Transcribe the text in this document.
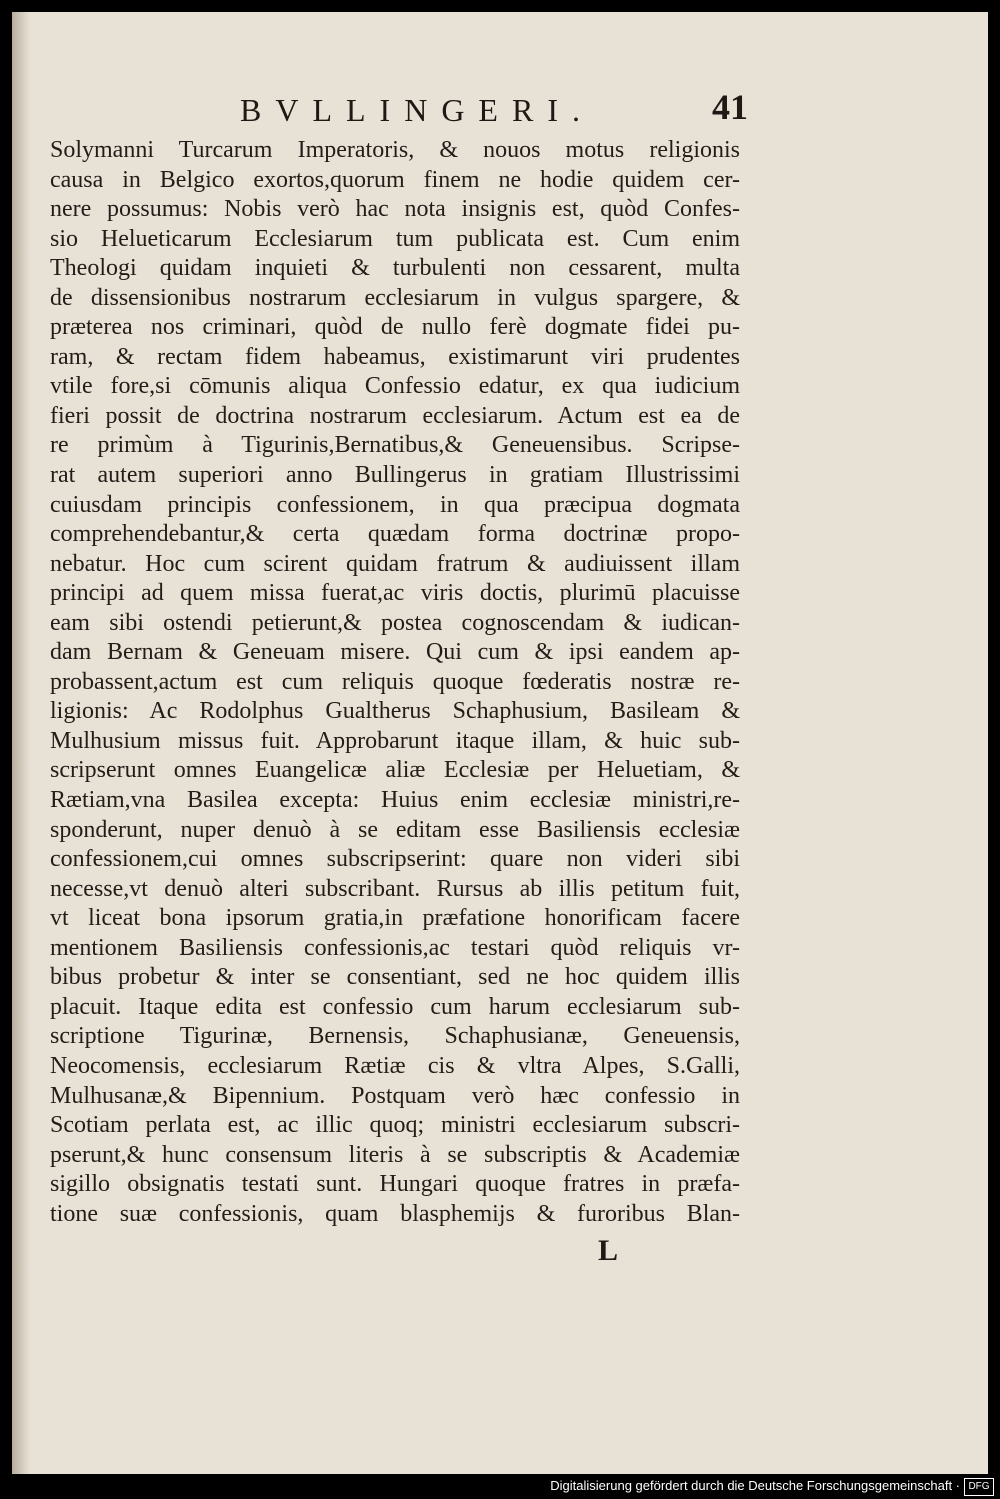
BVLLINGERI.	41
Solymanni Turcarum Imperatoris, & nouos motus religionis
causa in Belgico exortos,quorum finem ne hodie quidem cer-
nere possumus: Nobis verò hac nota insignis est, quòd Confes-
sio Helueticarum Ecclesiarum tum publicata est. Cum enim
Theologi quidam inquieti & turbulenti non cessarent, multa
de dissensionibus nostrarum ecclesiarum in vulgus spargere, &
præterea nos criminari, quòd de nullo ferè dogmate fidei pu-
ram, & rectam fidem habeamus, existimarunt viri prudentes
vtile fore,si cōmunis aliqua Confessio edatur, ex qua iudicium
fieri possit de doctrina nostrarum ecclesiarum. Actum est ea de
re primùm à Tigurinis,Bernatibus,& Geneuensibus. Scripse-
rat autem superiori anno Bullingerus in gratiam Illustrissimi
cuiusdam principis confessionem, in qua præcipua dogmata
comprehendebantur,& certa quædam forma doctrinæ propo-
nebatur. Hoc cum scirent quidam fratrum & audiuissent illam
principi ad quem missa fuerat,ac viris doctis, plurimū placuisse
eam sibi ostendi petierunt,& postea cognoscendam & iudican-
dam Bernam & Geneuam misere. Qui cum & ipsi eandem ap-
probassent,actum est cum reliquis quoque fœderatis nostræ re-
ligionis: Ac Rodolphus Gualtherus Schaphusium, Basileam &
Mulhusium missus fuit. Approbarunt itaque illam, & huic sub-
scripserunt omnes Euangelicæ aliæ Ecclesiæ per Heluetiam, &
Rætiam,vna Basilea excepta: Huius enim ecclesiæ ministri,re-
sponderunt, nuper denuò à se editam esse Basiliensis ecclesiæ
confessionem,cui omnes subscripserint: quare non videri sibi
necesse,vt denuò alteri subscribant. Rursus ab illis petitum fuit,
vt liceat bona ipsorum gratia,in præfatione honorificam facere
mentionem Basiliensis confessionis,ac testari quòd reliquis vr-
bibus probetur & inter se consentiant, sed ne hoc quidem illis
placuit. Itaque edita est confessio cum harum ecclesiarum sub-
scriptione Tigurinæ, Bernensis, Schaphusianæ, Geneuensis,
Neocomensis, ecclesiarum Rætiæ cis & vltra Alpes, S.Galli,
Mulhusanæ,& Bipennium. Postquam verò hæc confessio in
Scotiam perlata est, ac illic quoq; ministri ecclesiarum subscri-
pserunt,& hunc consensum literis à se subscriptis & Academiæ
sigillo obsignatis testati sunt. Hungari quoque fratres in præfa-
tione suæ confessionis, quam blasphemijs & furoribus Blan-
L
Digitalisierung gefördert durch die Deutsche Forschungsgemeinschaft · DFG
